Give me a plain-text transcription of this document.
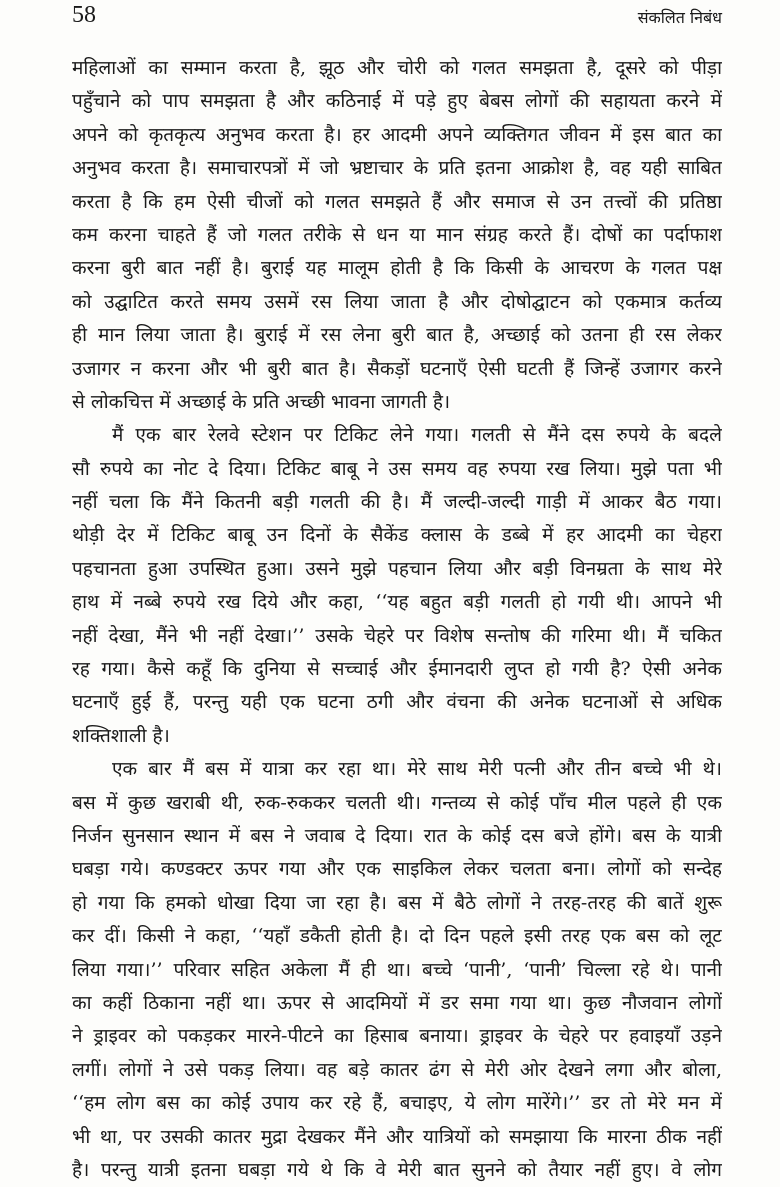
58	संकलित निबंध
महिलाओं का सम्मान करता है, झूठ और चोरी को गलत समझता है, दूसरे को पीड़ा
पहुँचाने को पाप समझता है और कठिनाई में पड़े हुए बेबस लोगों की सहायता करने में
अपने को कृतकृत्य अनुभव करता है। हर आदमी अपने व्यक्तिगत जीवन में इस बात का
अनुभव करता है। समाचारपत्रों में जो भ्रष्टाचार के प्रति इतना आक्रोश है, वह यही साबित
करता है कि हम ऐसी चीजों को गलत समझते हैं और समाज से उन तत्त्वों की प्रतिष्ठा
कम करना चाहते हैं जो गलत तरीके से धन या मान संग्रह करते हैं। दोषों का पर्दाफाश
करना बुरी बात नहीं है। बुराई यह मालूम होती है कि किसी के आचरण के गलत पक्ष
को उद्घाटित करते समय उसमें रस लिया जाता है और दोषोद्घाटन को एकमात्र कर्तव्य
ही मान लिया जाता है। बुराई में रस लेना बुरी बात है, अच्छाई को उतना ही रस लेकर
उजागर न करना और भी बुरी बात है। सैकड़ों घटनाएँ ऐसी घटती हैं जिन्हें उजागर करने
से लोकचित्त में अच्छाई के प्रति अच्छी भावना जागती है।
मैं एक बार रेलवे स्टेशन पर टिकिट लेने गया। गलती से मैंने दस रुपये के बदले
सौ रुपये का नोट दे दिया। टिकिट बाबू ने उस समय वह रुपया रख लिया। मुझे पता भी
नहीं चला कि मैंने कितनी बड़ी गलती की है। मैं जल्दी-जल्दी गाड़ी में आकर बैठ गया।
थोड़ी देर में टिकिट बाबू उन दिनों के सैकेंड क्लास के डब्बे में हर आदमी का चेहरा
पहचानता हुआ उपस्थित हुआ। उसने मुझे पहचान लिया और बड़ी विनम्रता के साथ मेरे
हाथ में नब्बे रुपये रख दिये और कहा, ‘‘यह बहुत बड़ी गलती हो गयी थी। आपने भी
नहीं देखा, मैंने भी नहीं देखा।’’ उसके चेहरे पर विशेष सन्तोष की गरिमा थी। मैं चकित
रह गया। कैसे कहूँ कि दुनिया से सच्चाई और ईमानदारी लुप्त हो गयी है? ऐसी अनेक
घटनाएँ हुई हैं, परन्तु यही एक घटना ठगी और वंचना की अनेक घटनाओं से अधिक
शक्तिशाली है।
एक बार मैं बस में यात्रा कर रहा था। मेरे साथ मेरी पत्नी और तीन बच्चे भी थे।
बस में कुछ खराबी थी, रुक-रुककर चलती थी। गन्तव्य से कोई पाँच मील पहले ही एक
निर्जन सुनसान स्थान में बस ने जवाब दे दिया। रात के कोई दस बजे होंगे। बस के यात्री
घबड़ा गये। कण्डक्टर ऊपर गया और एक साइकिल लेकर चलता बना। लोगों को सन्देह
हो गया कि हमको धोखा दिया जा रहा है। बस में बैठे लोगों ने तरह-तरह की बातें शुरू
कर दीं। किसी ने कहा, ‘‘यहाँ डकैती होती है। दो दिन पहले इसी तरह एक बस को लूट
लिया गया।’’ परिवार सहित अकेला मैं ही था। बच्चे ‘पानी’, ‘पानी’ चिल्ला रहे थे। पानी
का कहीं ठिकाना नहीं था। ऊपर से आदमियों में डर समा गया था। कुछ नौजवान लोगों
ने ड्राइवर को पकड़कर मारने-पीटने का हिसाब बनाया। ड्राइवर के चेहरे पर हवाइयाँ उड़ने
लगीं। लोगों ने उसे पकड़ लिया। वह बड़े कातर ढंग से मेरी ओर देखने लगा और बोला,
‘‘हम लोग बस का कोई उपाय कर रहे हैं, बचाइए, ये लोग मारेंगे।’’ डर तो मेरे मन में
भी था, पर उसकी कातर मुद्रा देखकर मैंने और यात्रियों को समझाया कि मारना ठीक नहीं
है। परन्तु यात्री इतना घबड़ा गये थे कि वे मेरी बात सुनने को तैयार नहीं हुए। वे लोग
